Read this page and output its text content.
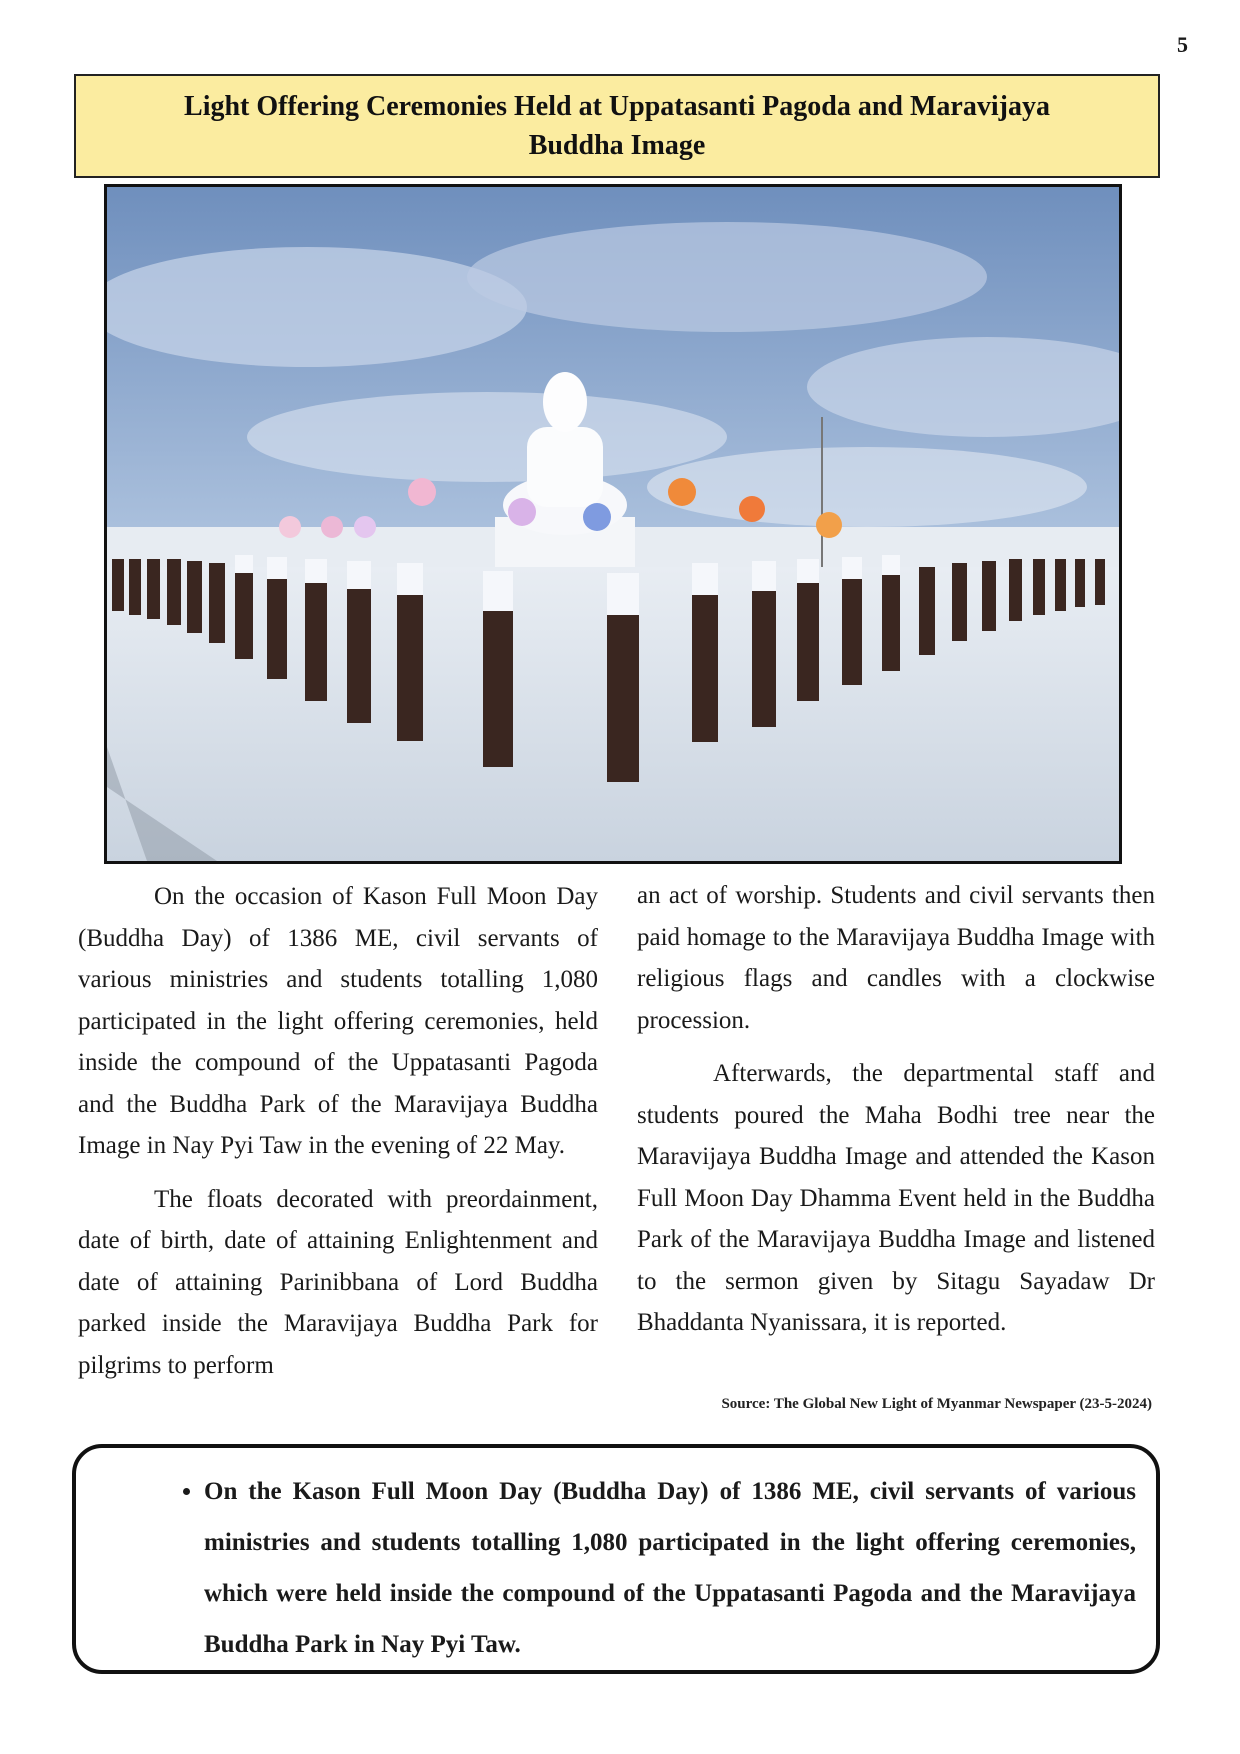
5
Light Offering Ceremonies Held at Uppatasanti Pagoda and Maravijaya Buddha Image

On the occasion of Kason Full Moon Day (Buddha Day) of 1386 ME, civil servants of various ministries and students totalling 1,080 participated in the light offering ceremonies, held inside the compound of the Uppatasanti Pagoda and the Buddha Park of the Maravijaya Buddha Image in Nay Pyi Taw in the evening of 22 May.

The floats decorated with preordainment, date of birth, date of attaining Enlightenment and date of attaining Parinibbana of Lord Buddha parked inside the Maravijaya Buddha Park for pilgrims to perform

an act of worship. Students and civil servants then paid homage to the Maravijaya Buddha Image with religious flags and candles with a clockwise procession.

Afterwards, the departmental staff and students poured the Maha Bodhi tree near the Maravijaya Buddha Image and attended the Kason Full Moon Day Dhamma Event held in the Buddha Park of the Maravijaya Buddha Image and listened to the sermon given by Sitagu Sayadaw Dr Bhaddanta Nyanissara, it is reported.

Source: The Global New Light of Myanmar Newspaper (23-5-2024)
• On the Kason Full Moon Day (Buddha Day) of 1386 ME, civil servants of various ministries and students totalling 1,080 participated in the light offering ceremonies, which were held inside the compound of the Uppatasanti Pagoda and the Maravijaya Buddha Park in Nay Pyi Taw.
